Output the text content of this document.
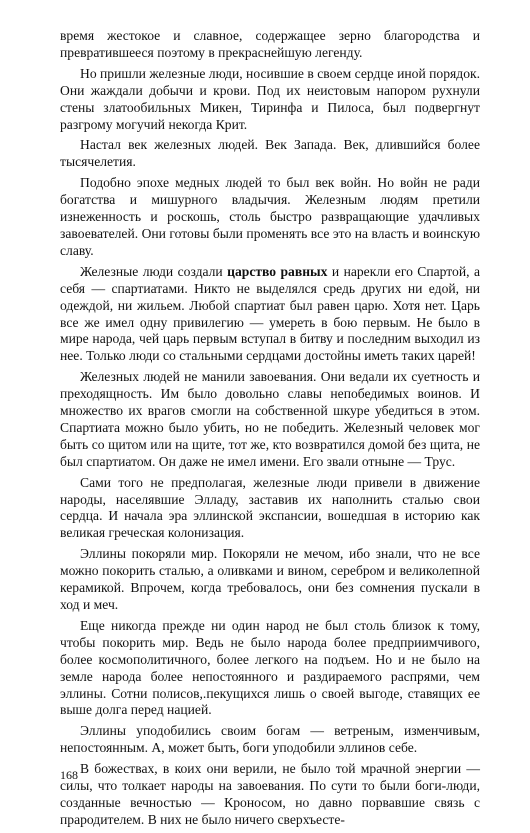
время жестокое и славное, содержащее зерно благородства и превратившееся поэтому в прекраснейшую легенду.

Но пришли железные люди, носившие в своем сердце иной порядок. Они жаждали добычи и крови. Под их неистовым напором рухнули стены златообильных Микен, Тиринфа и Пилоса, был подвергнут разгрому могучий некогда Крит.

Настал век железных людей. Век Запада. Век, длившийся более тысячелетия.

Подобно эпохе медных людей то был век войн. Но войн не ради богатства и мишурного владычия. Железным людям претили изнеженность и роскошь, столь быстро развращающие удачливых завоевателей. Они готовы были променять все это на власть и воинскую славу.

Железные люди создали царство равных и нарекли его Спартой, а себя — спартиатами. Никто не выделялся средь других ни едой, ни одеждой, ни жильем. Любой спартиат был равен царю. Хотя нет. Царь все же имел одну привилегию — умереть в бою первым. Не было в мире народа, чей царь первым вступал в битву и последним выходил из нее. Только люди со стальными сердцами достойны иметь таких царей!

Железных людей не манили завоевания. Они ведали их суетность и преходящность. Им было довольно славы непобедимых воинов. И множество их врагов смогли на собственной шкуре убедиться в этом. Спартиата можно было убить, но не победить. Железный человек мог быть со щитом или на щите, тот же, кто возвратился домой без щита, не был спартиатом. Он даже не имел имени. Его звали отныне — Трус.

Сами того не предполагая, железные люди привели в движение народы, населявшие Элладу, заставив их наполнить сталью свои сердца. И начала эра эллинской экспансии, вошедшая в историю как великая греческая колонизация.

Эллины покоряли мир. Покоряли не мечом, ибо знали, что не все можно покорить сталью, а оливками и вином, серебром и великолепной керамикой. Впрочем, когда требовалось, они без сомнения пускали в ход и меч.

Еще никогда прежде ни один народ не был столь близок к тому, чтобы покорить мир. Ведь не было народа более предприимчивого, более космополитичного, более легкого на подъем. Но и не было на земле народа более непостоянного и раздираемого распрями, чем эллины. Сотни полисов,.пекущихся лишь о своей выгоде, ставящих ее выше долга перед нацией.

Эллины уподобились своим богам — ветреным, изменчивым, непостоянным. А, может быть, боги уподобили эллинов себе.

В божествах, в коих они верили, не было той мрачной энергии — силы, что толкает народы на завоевания. По сути то были боги-люди, созданные вечностью — Кроносом, но давно порвавшие связь с прародителем. В них не было ничего сверхъесте-

168
